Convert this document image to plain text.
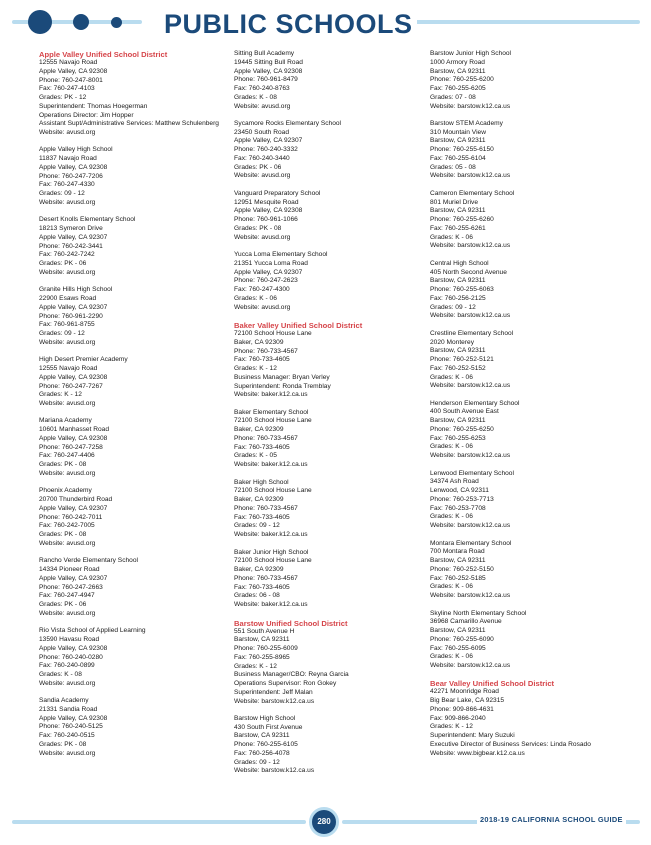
PUBLIC SCHOOLS
Apple Valley Unified School District
12555 Navajo Road
Apple Valley, CA 92308
Phone: 760-247-8001
Fax: 760-247-4103
Grades: PK - 12
Superintendent: Thomas Hoegerman
Operations Director: Jim Hopper
Assistant Supt/Administrative Services: Matthew Schulenberg
Website: avusd.org
Apple Valley High School
11837 Navajo Road
Apple Valley, CA 92308
Phone: 760-247-7206
Fax: 760-247-4330
Grades: 09 - 12
Website: avusd.org
Desert Knolls Elementary School
18213 Symeron Drive
Apple Valley, CA 92307
Phone: 760-242-3441
Fax: 760-242-7242
Grades: PK - 06
Website: avusd.org
Granite Hills High School
22900 Esaws Road
Apple Valley, CA 92307
Phone: 760-961-2290
Fax: 760-961-8755
Grades: 09 - 12
Website: avusd.org
High Desert Premier Academy
12555 Navajo Road
Apple Valley, CA 92308
Phone: 760-247-7267
Grades: K - 12
Website: avusd.org
Mariana Academy
10601 Manhasset Road
Apple Valley, CA 92308
Phone: 760-247-7258
Fax: 760-247-4406
Grades: PK - 08
Website: avusd.org
Phoenix Academy
20700 Thunderbird Road
Apple Valley, CA 92307
Phone: 760-242-7011
Fax: 760-242-7005
Grades: PK - 08
Website: avusd.org
Rancho Verde Elementary School
14334 Pioneer Road
Apple Valley, CA 92307
Phone: 760-247-2663
Fax: 760-247-4947
Grades: PK - 06
Website: avusd.org
Rio Vista School of Applied Learning
13590 Havasu Road
Apple Valley, CA 92308
Phone: 760-240-0280
Fax: 760-240-0899
Grades: K - 08
Website: avusd.org
Sandia Academy
21331 Sandia Road
Apple Valley, CA 92308
Phone: 760-240-5125
Fax: 760-240-0515
Grades: PK - 08
Website: avusd.org
Sitting Bull Academy
19445 Sitting Bull Road
Apple Valley, CA 92308
Phone: 760-961-8479
Fax: 760-240-8763
Grades: K - 08
Website: avusd.org
Sycamore Rocks Elementary School
23450 South Road
Apple Valley, CA 92307
Phone: 760-240-3332
Fax: 760-240-3440
Grades: PK - 06
Website: avusd.org
Vanguard Preparatory School
12951 Mesquite Road
Apple Valley, CA 92308
Phone: 760-961-1066
Grades: PK - 08
Website: avusd.org
Yucca Loma Elementary School
21351 Yucca Loma Road
Apple Valley, CA 92307
Phone: 760-247-2623
Fax: 760-247-4300
Grades: K - 06
Website: avusd.org
Baker Valley Unified School District
72100 School House Lane
Baker, CA 92309
Phone: 760-733-4567
Fax: 760-733-4605
Grades: K - 12
Business Manager: Bryan Verley
Superintendent: Ronda Tremblay
Website: baker.k12.ca.us
Baker Elementary School
72100 School House Lane
Baker, CA 92309
Phone: 760-733-4567
Fax: 760-733-4605
Grades: K - 05
Website: baker.k12.ca.us
Baker High School
72100 School House Lane
Baker, CA 92309
Phone: 760-733-4567
Fax: 760-733-4605
Grades: 09 - 12
Website: baker.k12.ca.us
Baker Junior High School
72100 School House Lane
Baker, CA 92309
Phone: 760-733-4567
Fax: 760-733-4605
Grades: 06 - 08
Website: baker.k12.ca.us
Barstow Unified School District
551 South Avenue H
Barstow, CA 92311
Phone: 760-255-6009
Fax: 760-255-8965
Grades: K - 12
Business Manager/CBO: Reyna Garcia
Operations Supervisor: Ron Gokey
Superintendent: Jeff Malan
Website: barstow.k12.ca.us
Barstow High School
430 South First Avenue
Barstow, CA 92311
Phone: 760-255-6105
Fax: 760-256-4078
Grades: 09 - 12
Website: barstow.k12.ca.us
Barstow Junior High School
1000 Armory Road
Barstow, CA 92311
Phone: 760-255-6200
Fax: 760-255-6205
Grades: 07 - 08
Website: barstow.k12.ca.us
Barstow STEM Academy
310 Mountain View
Barstow, CA 92311
Phone: 760-255-6150
Fax: 760-255-6104
Grades: 05 - 08
Website: barstow.k12.ca.us
Cameron Elementary School
801 Muriel Drive
Barstow, CA 92311
Phone: 760-255-6260
Fax: 760-255-6261
Grades: K - 06
Website: barstow.k12.ca.us
Central High School
405 North Second Avenue
Barstow, CA 92311
Phone: 760-255-6063
Fax: 760-256-2125
Grades: 09 - 12
Website: barstow.k12.ca.us
Crestline Elementary School
2020 Monterey
Barstow, CA 92311
Phone: 760-252-5121
Fax: 760-252-5152
Grades: K - 06
Website: barstow.k12.ca.us
Henderson Elementary School
400 South Avenue East
Barstow, CA 92311
Phone: 760-255-6250
Fax: 760-255-6253
Grades: K - 06
Website: barstow.k12.ca.us
Lenwood Elementary School
34374 Ash Road
Lenwood, CA 92311
Phone: 760-253-7713
Fax: 760-253-7708
Grades: K - 06
Website: barstow.k12.ca.us
Montara Elementary School
700 Montara Road
Barstow, CA 92311
Phone: 760-252-5150
Fax: 760-252-5185
Grades: K - 06
Website: barstow.k12.ca.us
Skyline North Elementary School
36968 Camarillo Avenue
Barstow, CA 92311
Phone: 760-255-6090
Fax: 760-255-6095
Grades: K - 06
Website: barstow.k12.ca.us
Bear Valley Unified School District
42271 Moonridge Road
Big Bear Lake, CA 92315
Phone: 909-866-4631
Fax: 909-866-2040
Grades: K - 12
Superintendent: Mary Suzuki
Executive Director of Business Services: Linda Rosado
Website: www.bigbear.k12.ca.us
280	2018-19 CALIFORNIA SCHOOL GUIDE
